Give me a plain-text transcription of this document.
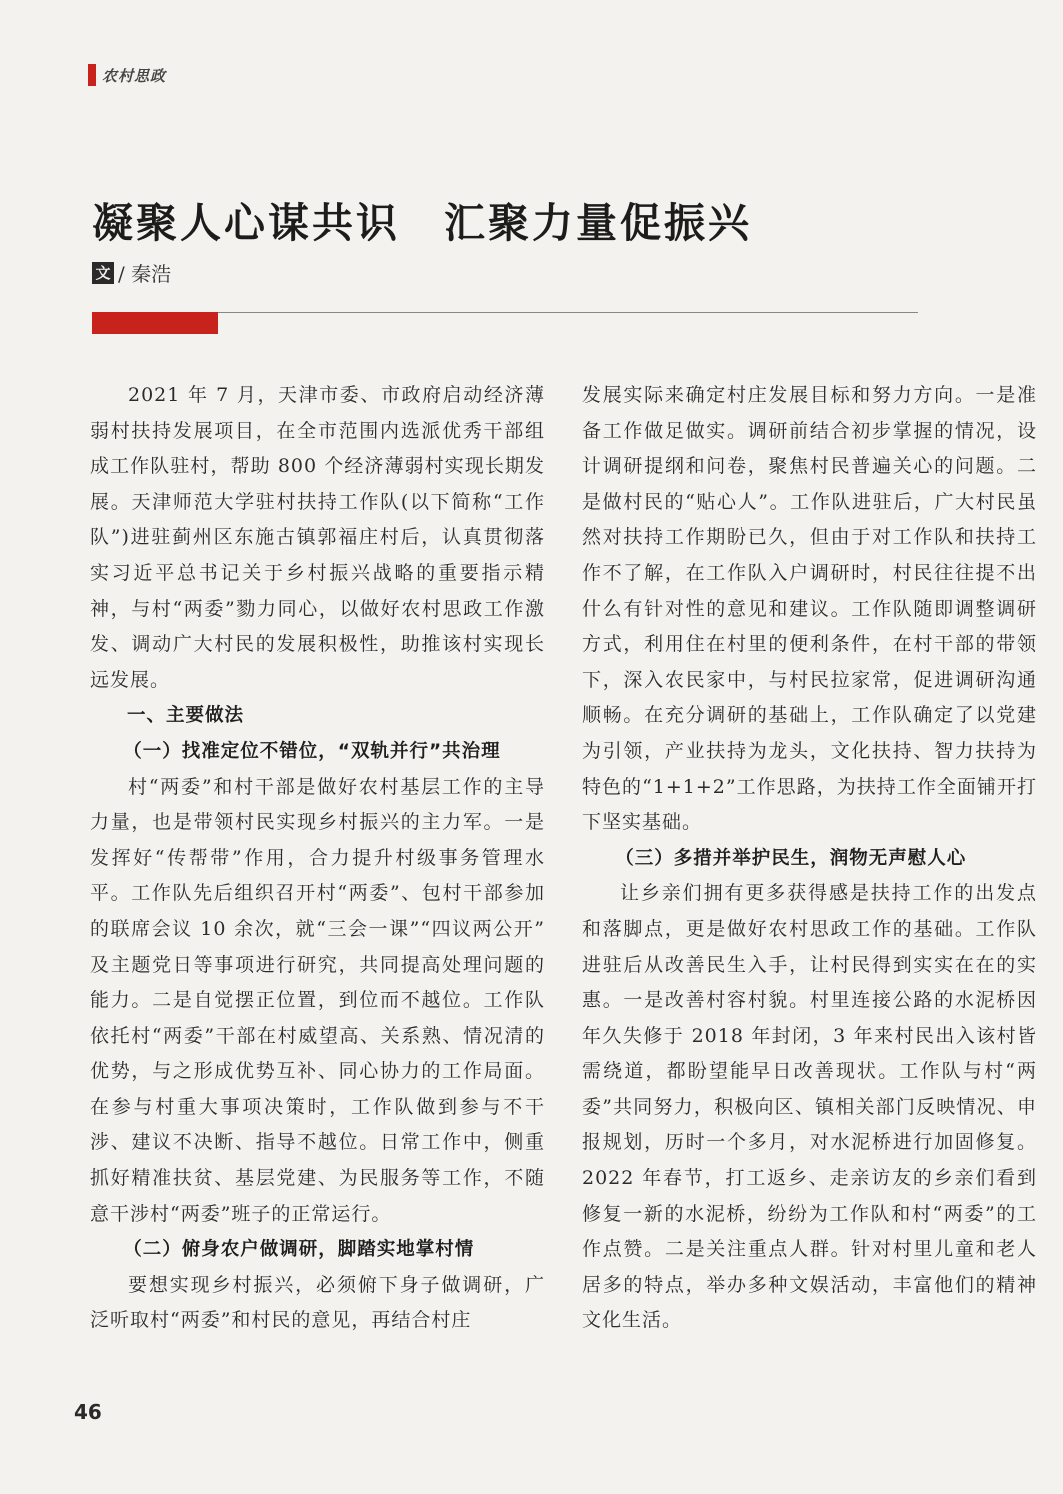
农村思政
凝聚人心谋共识　汇聚力量促振兴
文 / 秦浩

2021 年 7 月，天津市委、市政府启动经济薄弱村扶持发展项目，在全市范围内选派优秀干部组成工作队驻村，帮助 800 个经济薄弱村实现长期发展。天津师范大学驻村扶持工作队(以下简称“工作队”)进驻蓟州区东施古镇郭福庄村后，认真贯彻落实习近平总书记关于乡村振兴战略的重要指示精神，与村“两委”勠力同心，以做好农村思政工作激发、调动广大村民的发展积极性，助推该村实现长远发展。

一、主要做法
（一）找准定位不错位，“双轨并行”共治理

村“两委”和村干部是做好农村基层工作的主导力量，也是带领村民实现乡村振兴的主力军。一是发挥好“传帮带”作用，合力提升村级事务管理水平。工作队先后组织召开村“两委”、包村干部参加的联席会议 10 余次，就“三会一课”“四议两公开” 及主题党日等事项进行研究，共同提高处理问题的能力。二是自觉摆正位置，到位而不越位。工作队依托村“两委”干部在村威望高、关系熟、情况清的优势，与之形成优势互补、同心协力的工作局面。在参与村重大事项决策时，工作队做到参与不干涉、建议不决断、指导不越位。日常工作中，侧重抓好精准扶贫、基层党建、为民服务等工作，不随意干涉村“两委”班子的正常运行。

（二）俯身农户做调研，脚踏实地掌村情

要想实现乡村振兴，必须俯下身子做调研，广泛听取村“两委”和村民的意见，再结合村庄

发展实际来确定村庄发展目标和努力方向。一是准备工作做足做实。调研前结合初步掌握的情况，设计调研提纲和问卷，聚焦村民普遍关心的问题。二是做村民的“贴心人”。工作队进驻后，广大村民虽然对扶持工作期盼已久，但由于对工作队和扶持工作不了解，在工作队入户调研时，村民往往提不出什么有针对性的意见和建议。工作队随即调整调研方式，利用住在村里的便利条件，在村干部的带领下，深入农民家中，与村民拉家常，促进调研沟通顺畅。在充分调研的基础上，工作队确定了以党建为引领，产业扶持为龙头，文化扶持、智力扶持为特色的“1+1+2”工作思路，为扶持工作全面铺开打下坚实基础。

（三）多措并举护民生，润物无声慰人心

让乡亲们拥有更多获得感是扶持工作的出发点和落脚点，更是做好农村思政工作的基础。工作队进驻后从改善民生入手，让村民得到实实在在的实惠。一是改善村容村貌。村里连接公路的水泥桥因年久失修于 2018 年封闭，3 年来村民出入该村皆需绕道，都盼望能早日改善现状。工作队与村“两委”共同努力，积极向区、镇相关部门反映情况、申报规划，历时一个多月，对水泥桥进行加固修复。2022 年春节，打工返乡、走亲访友的乡亲们看到修复一新的水泥桥，纷纷为工作队和村“两委”的工作点赞。二是关注重点人群。针对村里儿童和老人居多的特点，举办多种文娱活动，丰富他们的精神文化生活。

46
